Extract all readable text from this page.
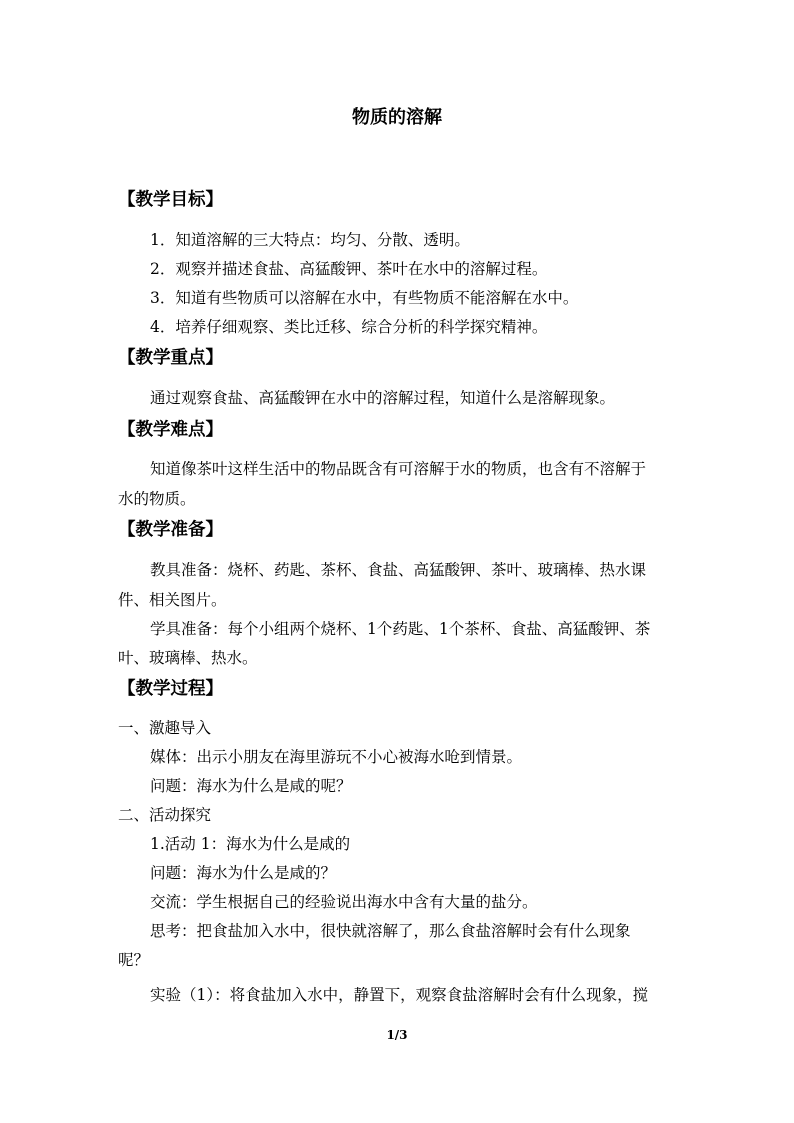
物质的溶解
【教学目标】
1．知道溶解的三大特点：均匀、分散、透明。
2．观察并描述食盐、高猛酸钾、茶叶在水中的溶解过程。
3．知道有些物质可以溶解在水中，有些物质不能溶解在水中。
4．培养仔细观察、类比迁移、综合分析的科学探究精神。
【教学重点】
通过观察食盐、高猛酸钾在水中的溶解过程，知道什么是溶解现象。
【教学难点】
知道像茶叶这样生活中的物品既含有可溶解于水的物质，也含有不溶解于
水的物质。
【教学准备】
教具准备：烧杯、药匙、茶杯、食盐、高猛酸钾、茶叶、玻璃棒、热水课
件、相关图片。
学具准备：每个小组两个烧杯、1个药匙、1个茶杯、食盐、高猛酸钾、茶
叶、玻璃棒、热水。
【教学过程】
一、激趣导入
媒体：出示小朋友在海里游玩不小心被海水呛到情景。
问题：海水为什么是咸的呢？
二、活动探究
1.活动 1：海水为什么是咸的
问题：海水为什么是咸的？
交流：学生根据自己的经验说出海水中含有大量的盐分。
思考：把食盐加入水中，很快就溶解了，那么食盐溶解时会有什么现象
呢？
实验（1）：将食盐加入水中，静置下，观察食盐溶解时会有什么现象，搅
1/3
